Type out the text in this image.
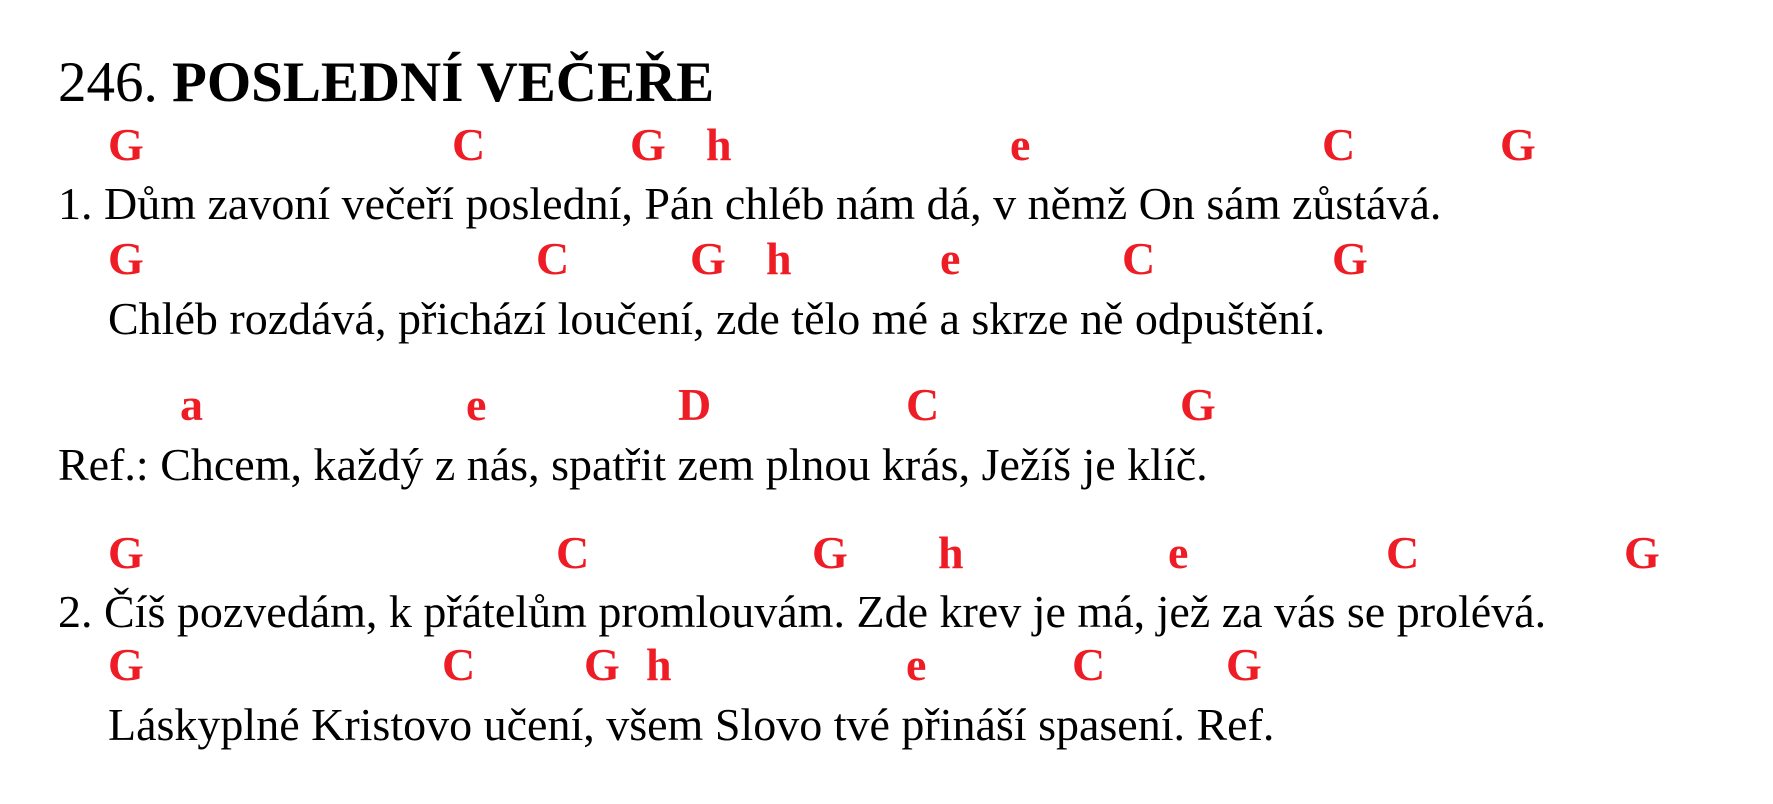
246. POSLEDNÍ VEČEŘE
G	C	G h	e	C	G
1. Dům zavoní večeří poslední, Pán chléb nám dá, v němž On sám zůstává.
G	C	G h	e	C	G
Chléb rozdává, přichází loučení, zde tělo mé a skrze ně odpuštění.
a	e	D	C	G
Ref.: Chcem, každý z nás, spatřit zem plnou krás, Ježíš je klíč.
G	C	G h	e	C	G
2. Číš pozvedám, k přátelům promlouvám. Zde krev je má, jež za vás se prolévá.
G	C G h	e	C	G
Láskyplné Kristovo učení, všem Slovo tvé přináší spasení. Ref.
